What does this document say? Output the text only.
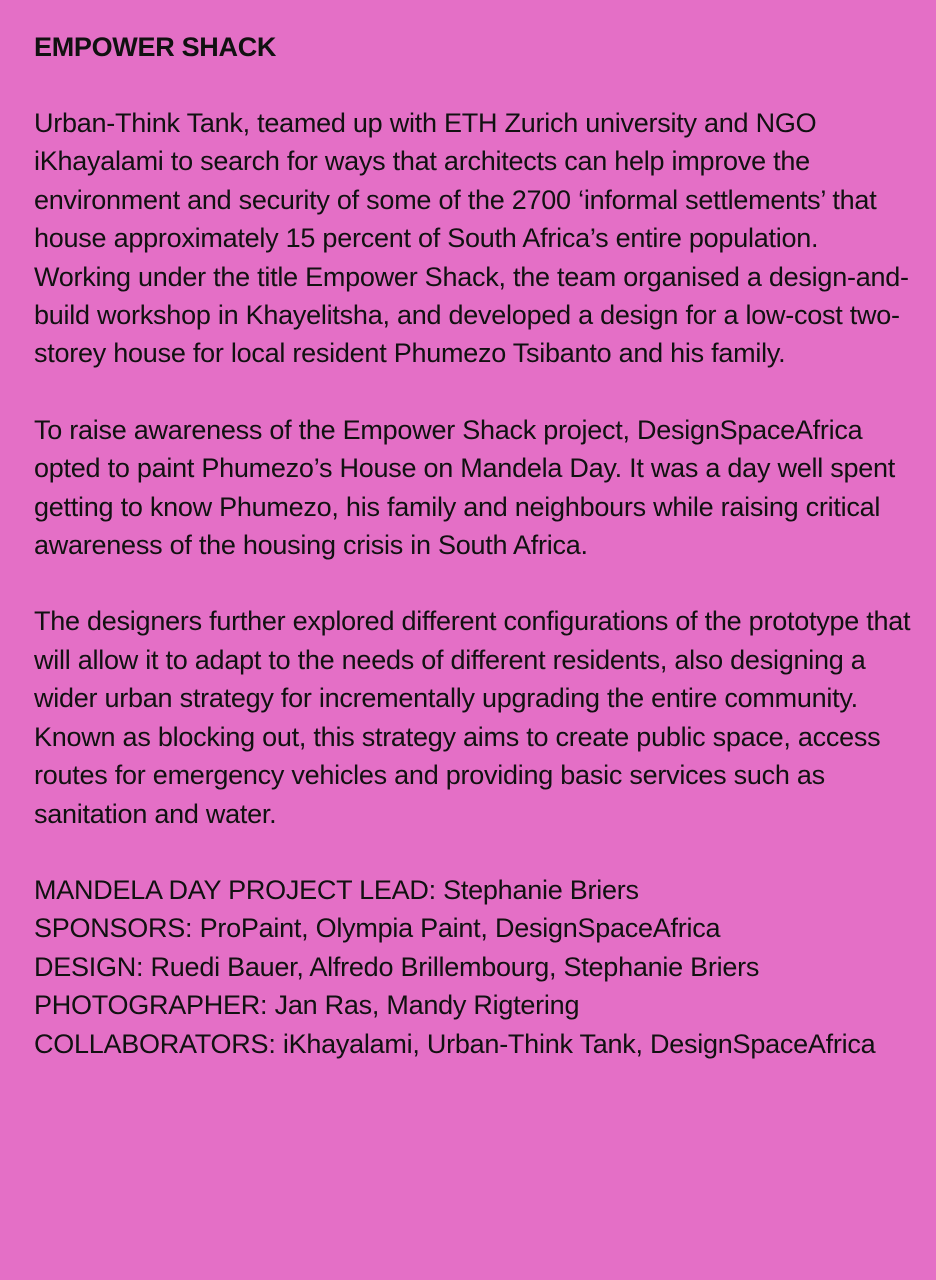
EMPOWER SHACK

Urban-Think Tank, teamed up with ETH Zurich university and NGO iKhayalami to search for ways that architects can help improve the environment and security of some of the 2700 ‘informal settlements’ that house approximately 15 percent of South Africa’s entire population. Working under the title Empower Shack, the team organised a design-and-build workshop in Khayelitsha, and developed a design for a low-cost two-storey house for local resident Phumezo Tsibanto and his family.

To raise awareness of the Empower Shack project, DesignSpaceAfrica opted to paint Phumezo’s House on Mandela Day. It was a day well spent getting to know Phumezo, his family and neighbours while raising critical awareness of the housing crisis in South Africa.

The designers further explored different configurations of the prototype that will allow it to adapt to the needs of different residents, also designing a wider urban strategy for incrementally upgrading the entire community. Known as blocking out, this strategy aims to create public space, access routes for emergency vehicles and providing basic services such as sanitation and water.

MANDELA DAY PROJECT LEAD: Stephanie Briers
SPONSORS: ProPaint, Olympia Paint, DesignSpaceAfrica
DESIGN: Ruedi Bauer, Alfredo Brillembourg, Stephanie Briers
PHOTOGRAPHER: Jan Ras, Mandy Rigtering
COLLABORATORS: iKhayalami, Urban-Think Tank, DesignSpaceAfrica
